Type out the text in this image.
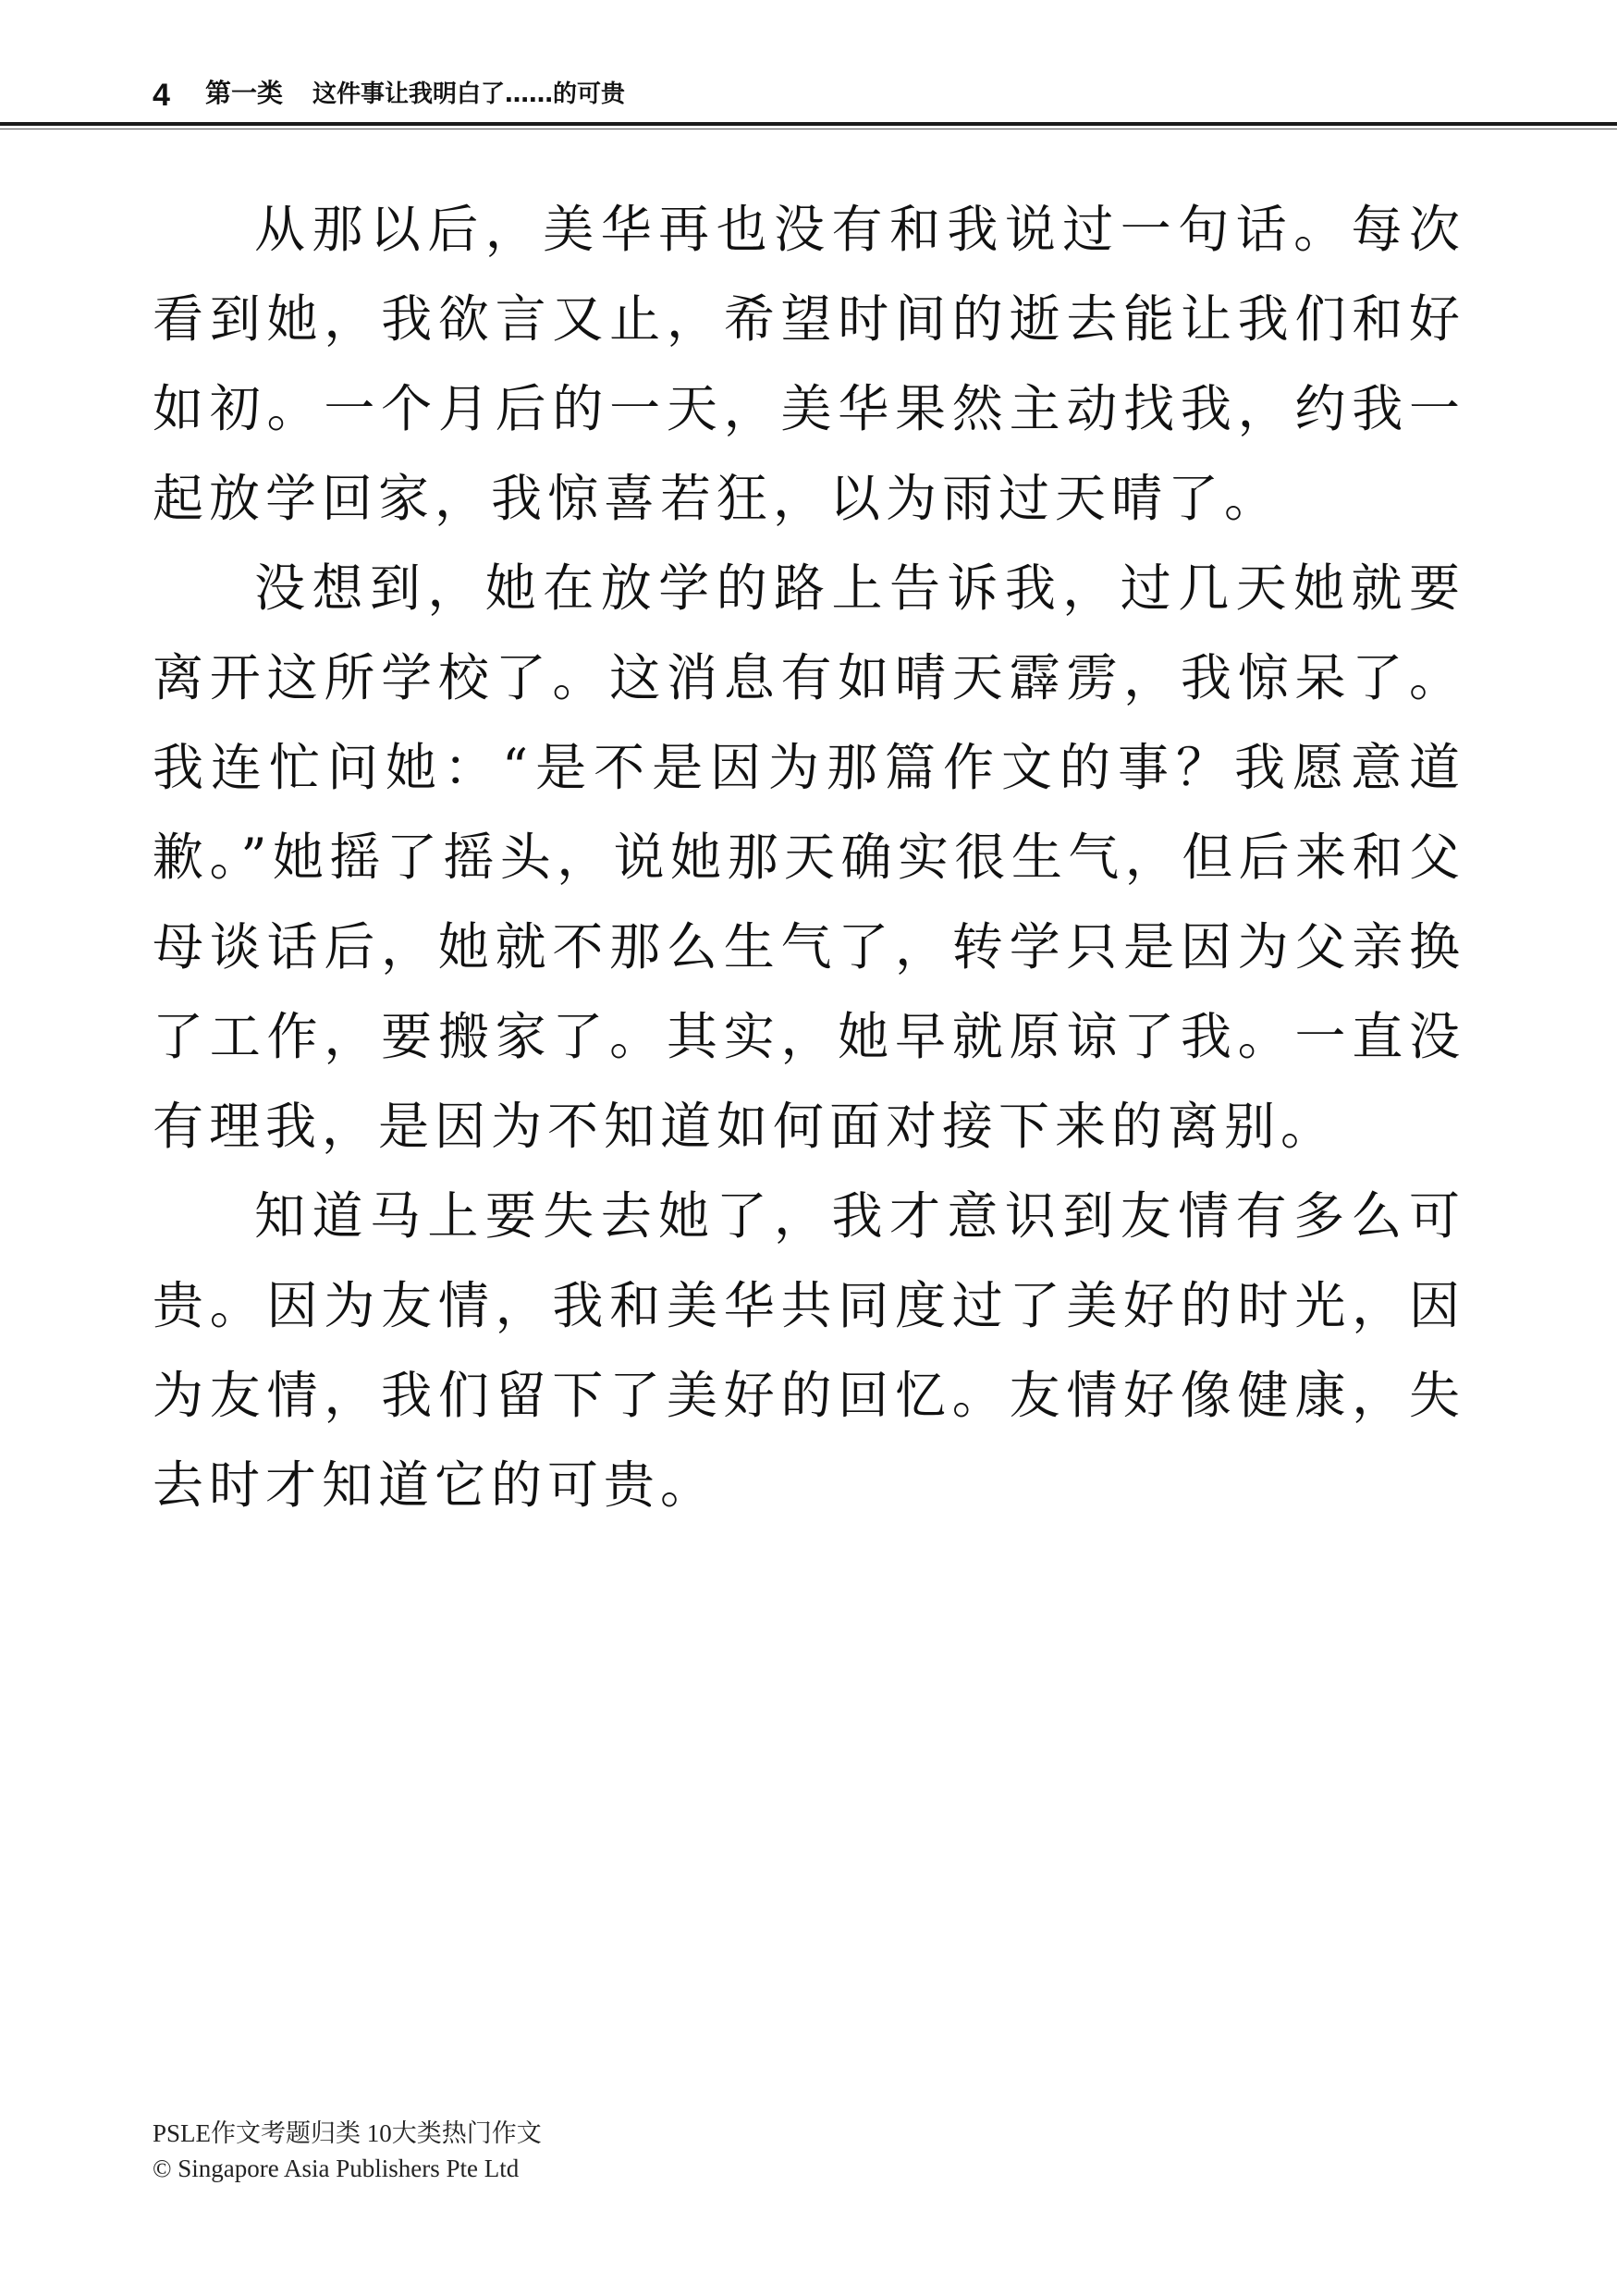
4 第一类 这件事让我明白了……的可贵

从那以后，美华再也没有和我说过一句话。每次看到她，我欲言又止，希望时间的逝去能让我们和好如初。一个月后的一天，美华果然主动找我，约我一起放学回家，我惊喜若狂，以为雨过天晴了。

没想到，她在放学的路上告诉我，过几天她就要离开这所学校了。这消息有如晴天霹雳，我惊呆了。我连忙问她：“是不是因为那篇作文的事？我愿意道歉。”她摇了摇头，说她那天确实很生气，但后来和父母谈话后，她就不那么生气了，转学只是因为父亲换了工作，要搬家了。其实，她早就原谅了我。一直没有理我，是因为不知道如何面对接下来的离别。

知道马上要失去她了，我才意识到友情有多么可贵。因为友情，我和美华共同度过了美好的时光，因为友情，我们留下了美好的回忆。友情好像健康，失去时才知道它的可贵。

PSLE作文考题归类 10大类热门作文
© Singapore Asia Publishers Pte Ltd
